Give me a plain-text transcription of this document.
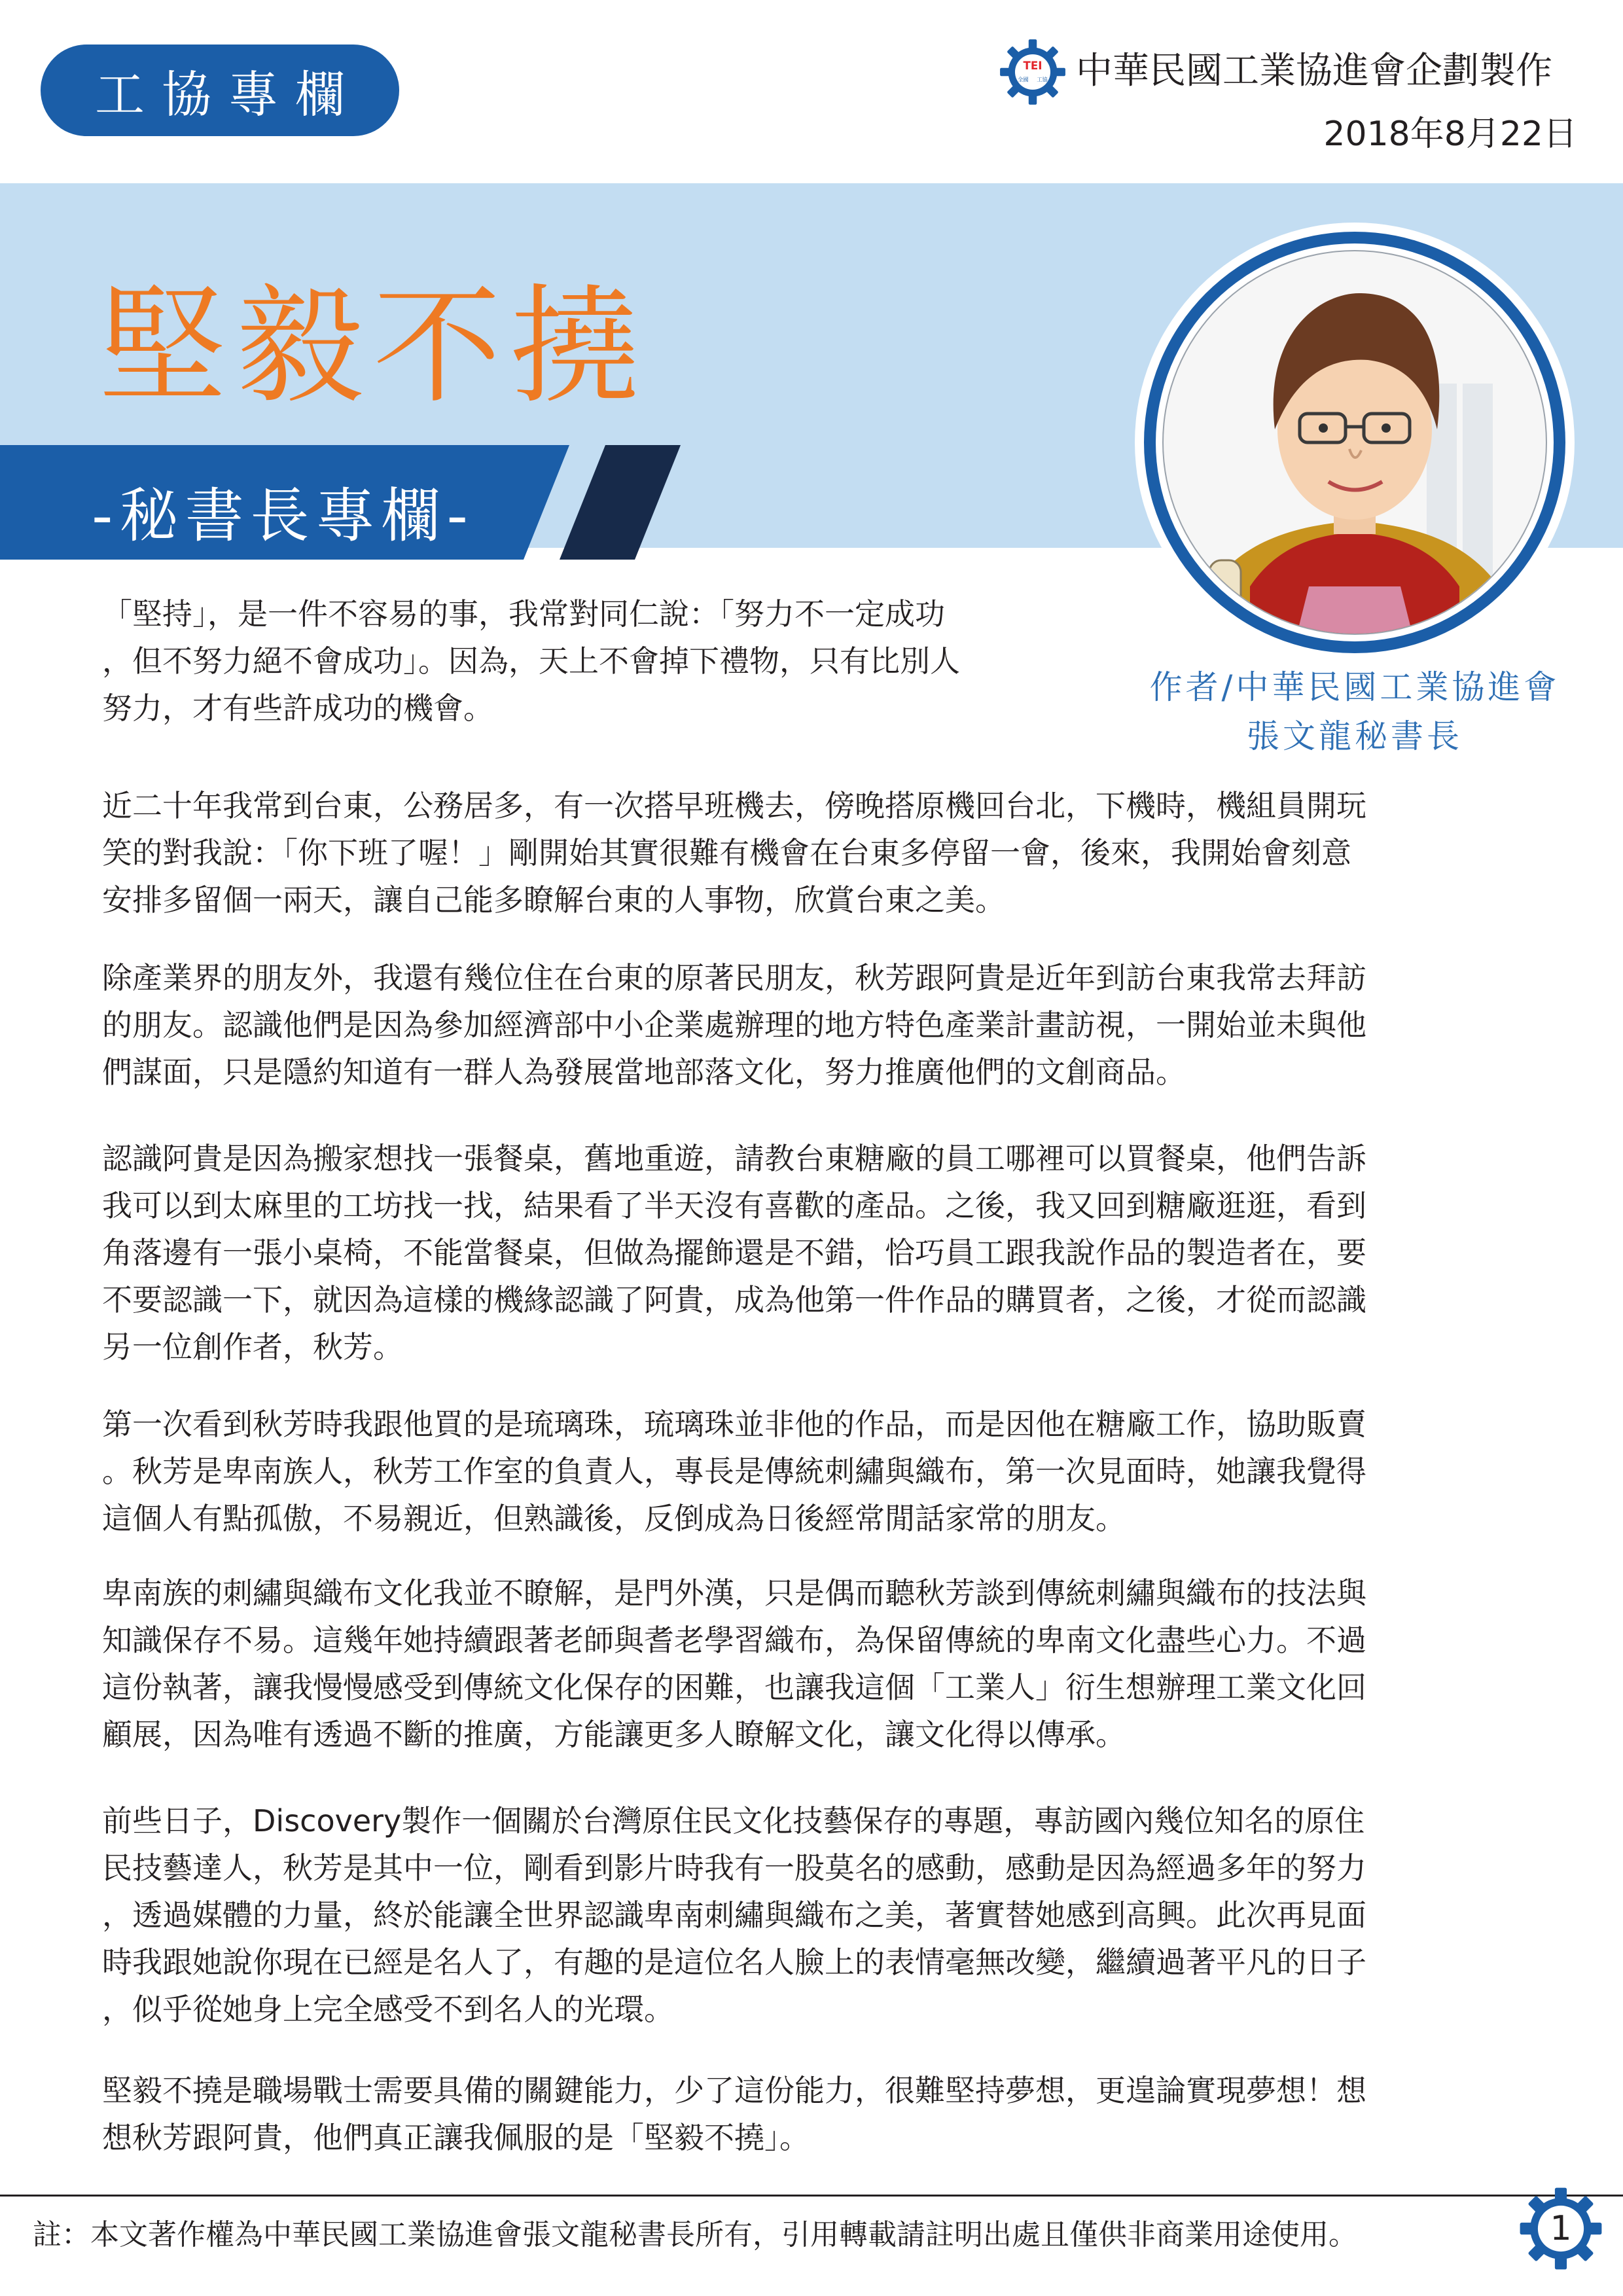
工協專欄	TEI
全國 工協 中華民國工業協進會企劃製作
2018年8月22日
堅毅不撓
-秘書長專欄-
作者/中華民國工業協進會
張文龍秘書長
「堅持」，是一件不容易的事，我常對同仁說：「努力不一定成功
，但不努力絕不會成功」。因為，天上不會掉下禮物，只有比別人
努力，才有些許成功的機會。
近二十年我常到台東，公務居多，有一次搭早班機去，傍晚搭原機回台北，下機時，機組員開玩
笑的對我說：「你下班了喔！」剛開始其實很難有機會在台東多停留一會，後來，我開始會刻意
安排多留個一兩天，讓自己能多瞭解台東的人事物，欣賞台東之美。
除產業界的朋友外，我還有幾位住在台東的原著民朋友，秋芳跟阿貴是近年到訪台東我常去拜訪
的朋友。認識他們是因為參加經濟部中小企業處辦理的地方特色產業計畫訪視，一開始並未與他
們謀面，只是隱約知道有一群人為發展當地部落文化，努力推廣他們的文創商品。
認識阿貴是因為搬家想找一張餐桌，舊地重遊，請教台東糖廠的員工哪裡可以買餐桌，他們告訴
我可以到太麻里的工坊找一找，結果看了半天沒有喜歡的產品。之後，我又回到糖廠逛逛，看到
角落邊有一張小桌椅，不能當餐桌，但做為擺飾還是不錯，恰巧員工跟我說作品的製造者在，要
不要認識一下，就因為這樣的機緣認識了阿貴，成為他第一件作品的購買者，之後，才從而認識
另一位創作者，秋芳。
第一次看到秋芳時我跟他買的是琉璃珠，琉璃珠並非他的作品，而是因他在糖廠工作，協助販賣
。秋芳是卑南族人，秋芳工作室的負責人，專長是傳統刺繡與織布，第一次見面時，她讓我覺得
這個人有點孤傲，不易親近，但熟識後，反倒成為日後經常閒話家常的朋友。
卑南族的刺繡與織布文化我並不瞭解，是門外漢，只是偶而聽秋芳談到傳統刺繡與織布的技法與
知識保存不易。這幾年她持續跟著老師與耆老學習織布，為保留傳統的卑南文化盡些心力。不過
這份執著，讓我慢慢感受到傳統文化保存的困難，也讓我這個「工業人」衍生想辦理工業文化回
顧展，因為唯有透過不斷的推廣，方能讓更多人瞭解文化，讓文化得以傳承。
前些日子，Discovery製作一個關於台灣原住民文化技藝保存的專題，專訪國內幾位知名的原住
民技藝達人，秋芳是其中一位，剛看到影片時我有一股莫名的感動，感動是因為經過多年的努力
，透過媒體的力量，終於能讓全世界認識卑南刺繡與織布之美，著實替她感到高興。此次再見面
時我跟她說你現在已經是名人了，有趣的是這位名人臉上的表情毫無改變，繼續過著平凡的日子
，似乎從她身上完全感受不到名人的光環。
堅毅不撓是職場戰士需要具備的關鍵能力，少了這份能力，很難堅持夢想，更遑論實現夢想！想
想秋芳跟阿貴，他們真正讓我佩服的是「堅毅不撓」。
註：本文著作權為中華民國工業協進會張文龍秘書長所有，引用轉載請註明出處且僅供非商業用途使用。	1
